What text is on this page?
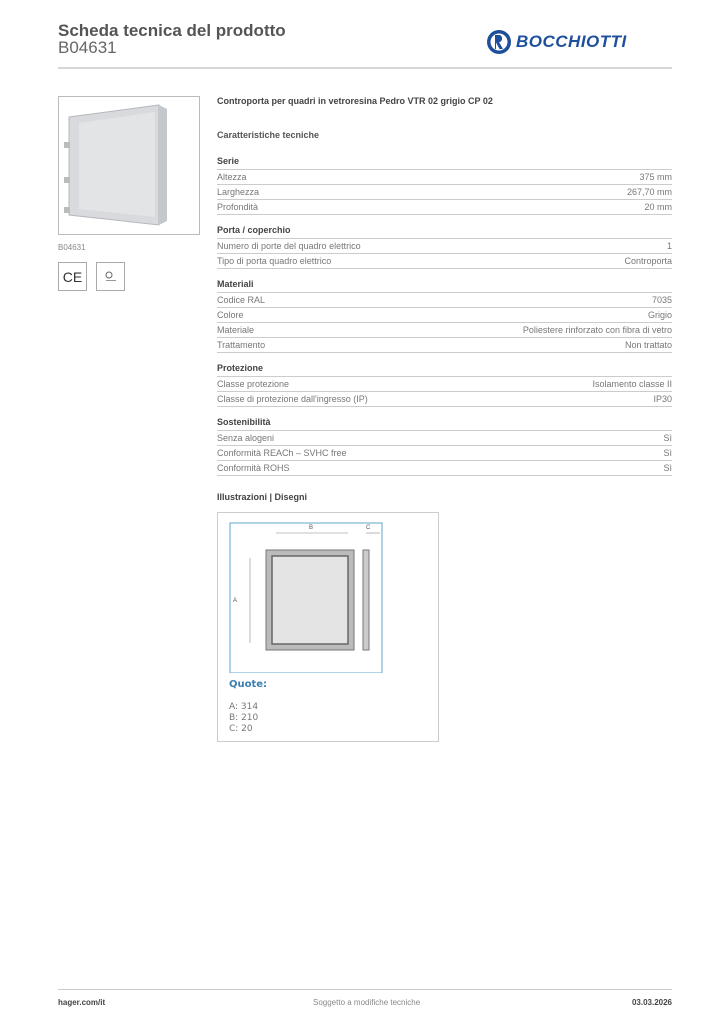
Scheda tecnica del prodotto
B04631	BOCCHIOTTI
B04631
CE
Controporta per quadri in vetroresina Pedro VTR 02 grigio CP 02
Caratteristiche tecniche
Serie
Altezza	375 mm
Larghezza	267,70 mm
Profondità	20 mm
Porta / coperchio
Numero di porte del quadro elettrico	1
Tipo di porta quadro elettrico	Controporta
Materiali
Codice RAL	7035
Colore	Grigio
Materiale	Poliestere rinforzato con fibra di vetro
Trattamento	Non trattato
Protezione
Classe protezione	Isolamento classe II
Classe di protezione dall'ingresso (IP)	IP30
Sostenibilità
Senza alogeni	Sì
Conformità REACh – SVHC free	Sì
Conformità ROHS	Sì
Illustrazioni | Disegni
B	C
A
Quote:
A: 314
B: 210
C: 20
hager.com/it	Soggetto a modifiche tecniche	03.03.2026
